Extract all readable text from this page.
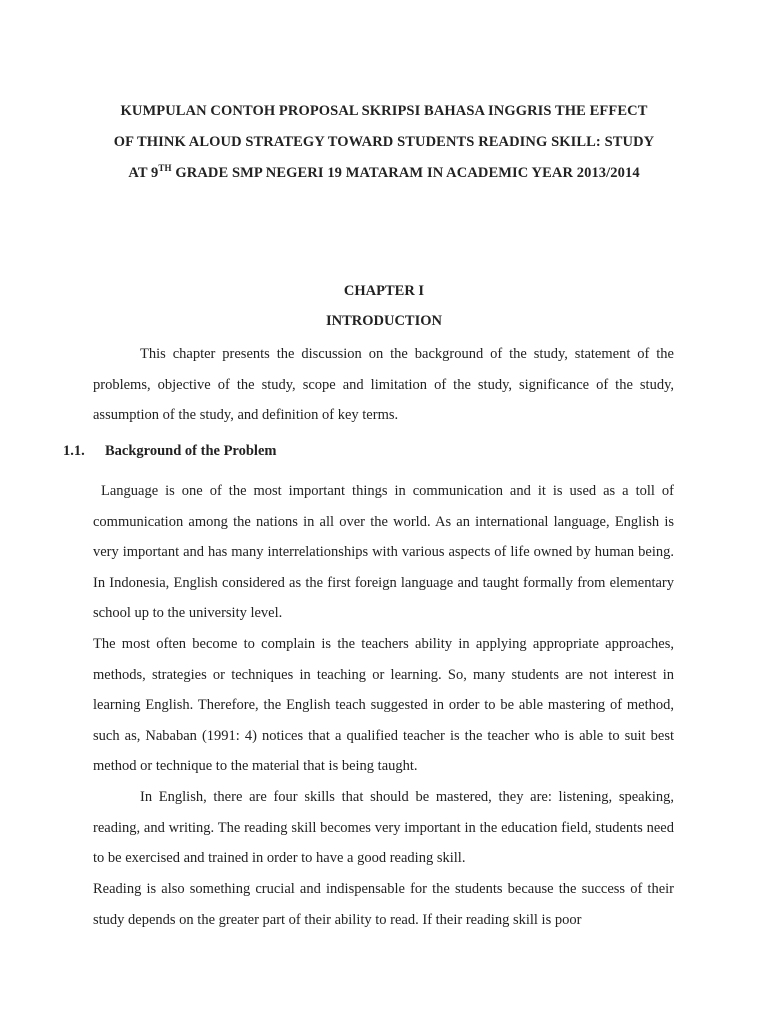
KUMPULAN CONTOH PROPOSAL SKRIPSI BAHASA INGGRIS THE EFFECT
OF THINK ALOUD STRATEGY TOWARD STUDENTS READING SKILL: STUDY
AT 9TH GRADE SMP NEGERI 19 MATARAM IN ACADEMIC YEAR 2013/2014
CHAPTER I
INTRODUCTION

This chapter presents the discussion on the background of the study, statement of the problems, objective of the study, scope and limitation of the study, significance of the study, assumption of the study, and definition of key terms.

1.1. Background of the Problem

Language is one of the most important things in communication and it is used as a toll of communication among the nations in all over the world. As an international language, English is very important and has many interrelationships with various aspects of life owned by human being. In Indonesia, English considered as the first foreign language and taught formally from elementary school up to the university level.

The most often become to complain is the teachers ability in applying appropriate approaches, methods, strategies or techniques in teaching or learning. So, many students are not interest in learning English. Therefore, the English teach suggested in order to be able mastering of method, such as, Nababan (1991: 4) notices that a qualified teacher is the teacher who is able to suit best method or technique to the material that is being taught.

In English, there are four skills that should be mastered, they are: listening, speaking, reading, and writing. The reading skill becomes very important in the education field, students need to be exercised and trained in order to have a good reading skill.

Reading is also something crucial and indispensable for the students because the success of their study depends on the greater part of their ability to read. If their reading skill is poor
